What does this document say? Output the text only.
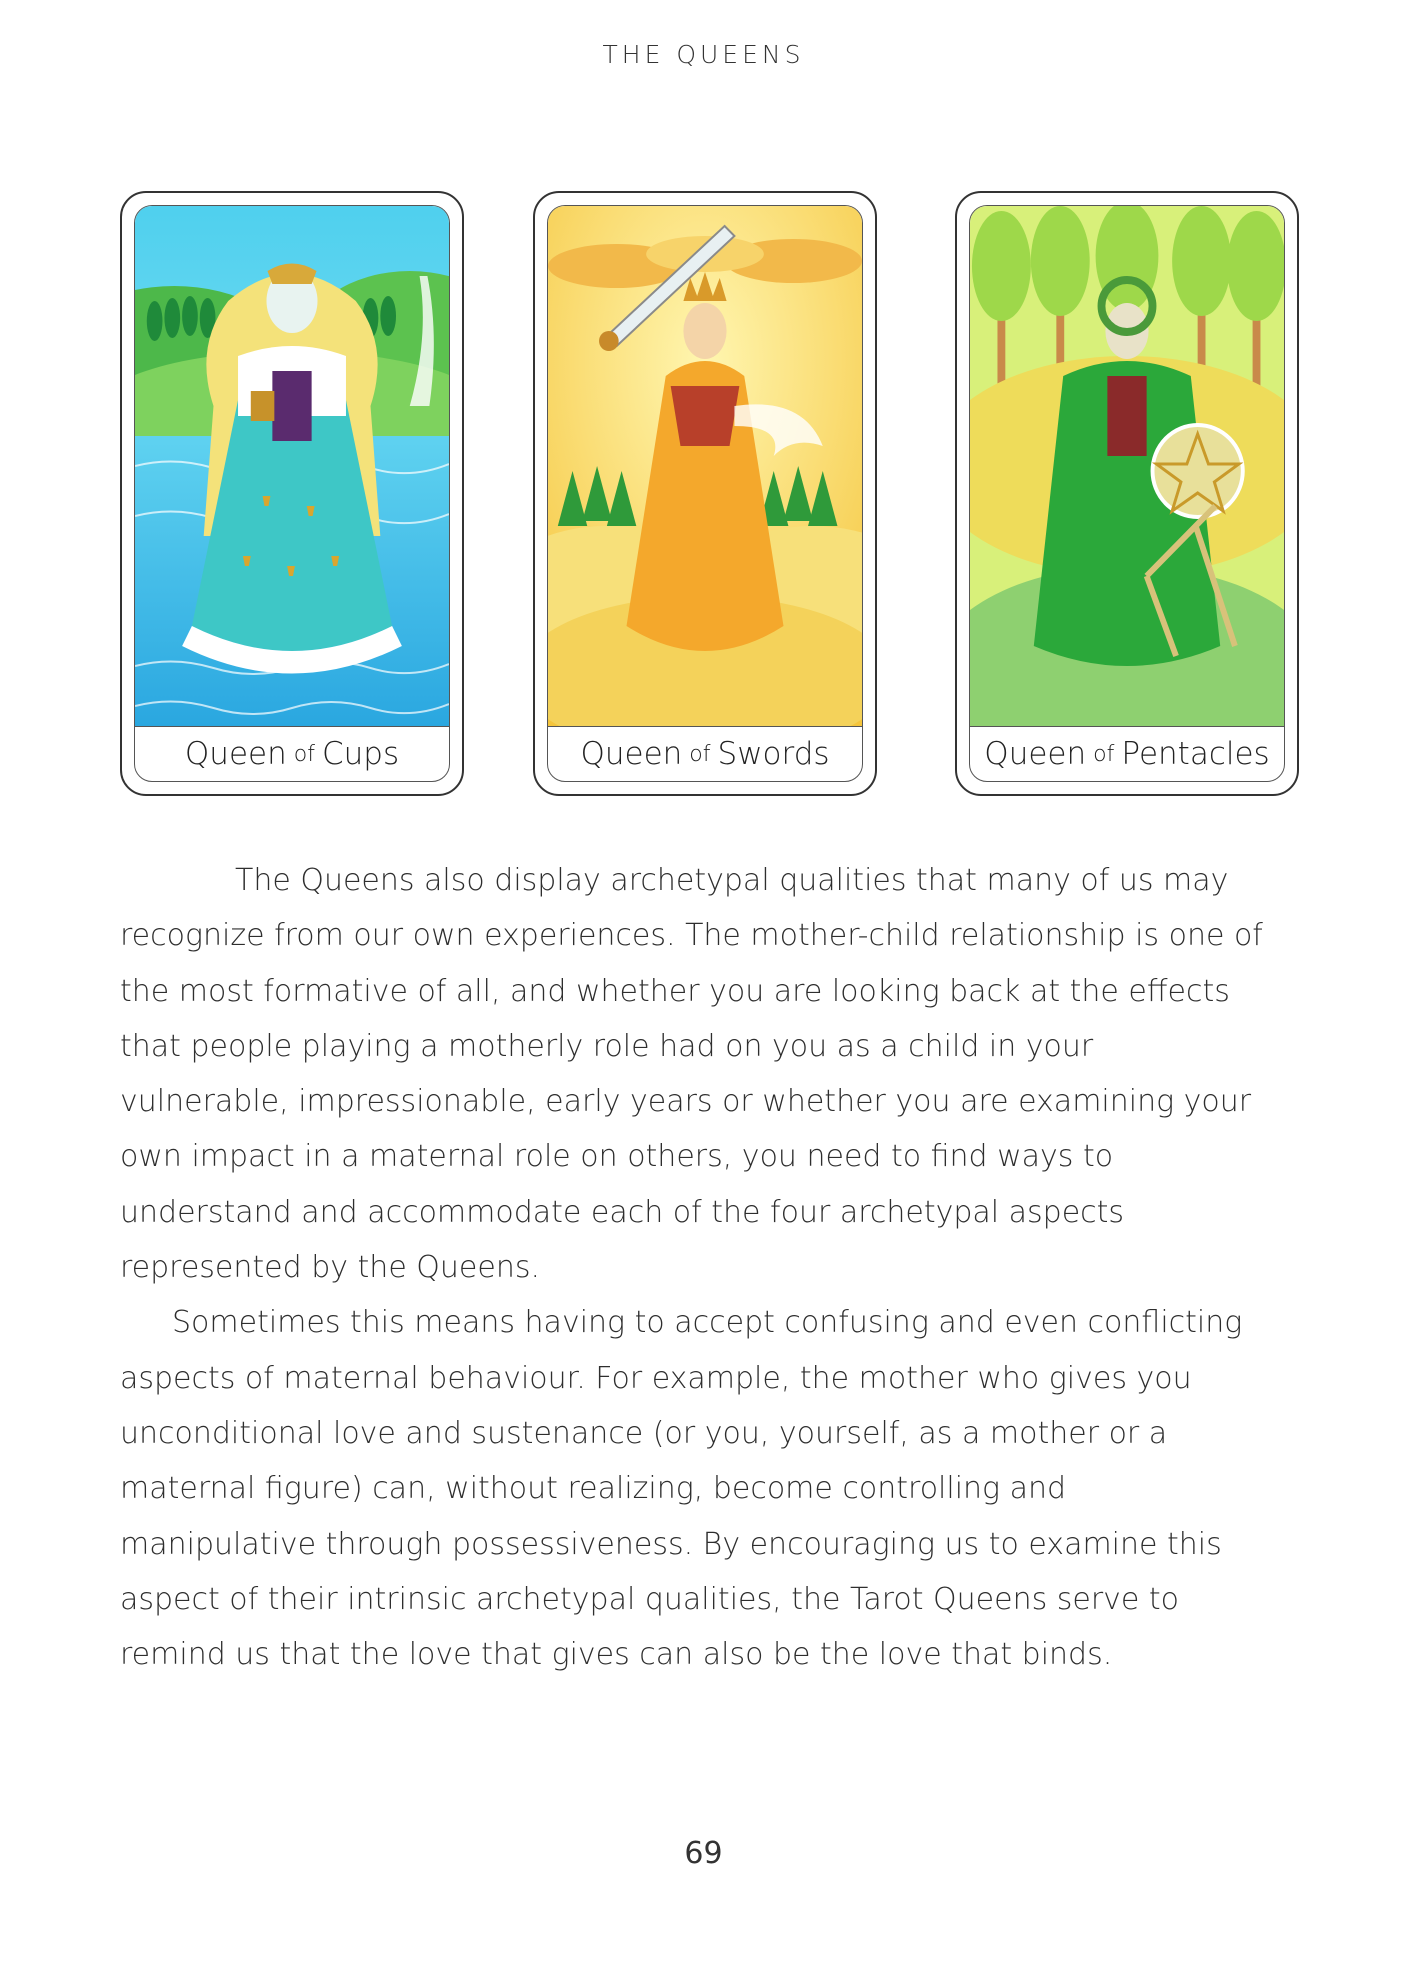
THE QUEENS
Queen of Cups	Queen of Swords	Queen of Pentacles

The Queens also display archetypal qualities that many of us may recognize from our own experiences. The mother-child relationship is one of the most formative of all, and whether you are looking back at the effects that people playing a motherly role had on you as a child in your vulnerable, impressionable, early years or whether you are examining your own impact in a maternal role on others, you need to find ways to understand and accommodate each of the four archetypal aspects represented by the Queens.

Sometimes this means having to accept confusing and even conflicting aspects of maternal behaviour. For example, the mother who gives you unconditional love and sustenance (or you, yourself, as a mother or a maternal figure) can, without realizing, become controlling and manipulative through possessiveness. By encouraging us to examine this aspect of their intrinsic archetypal qualities, the Tarot Queens serve to remind us that the love that gives can also be the love that binds.

69
